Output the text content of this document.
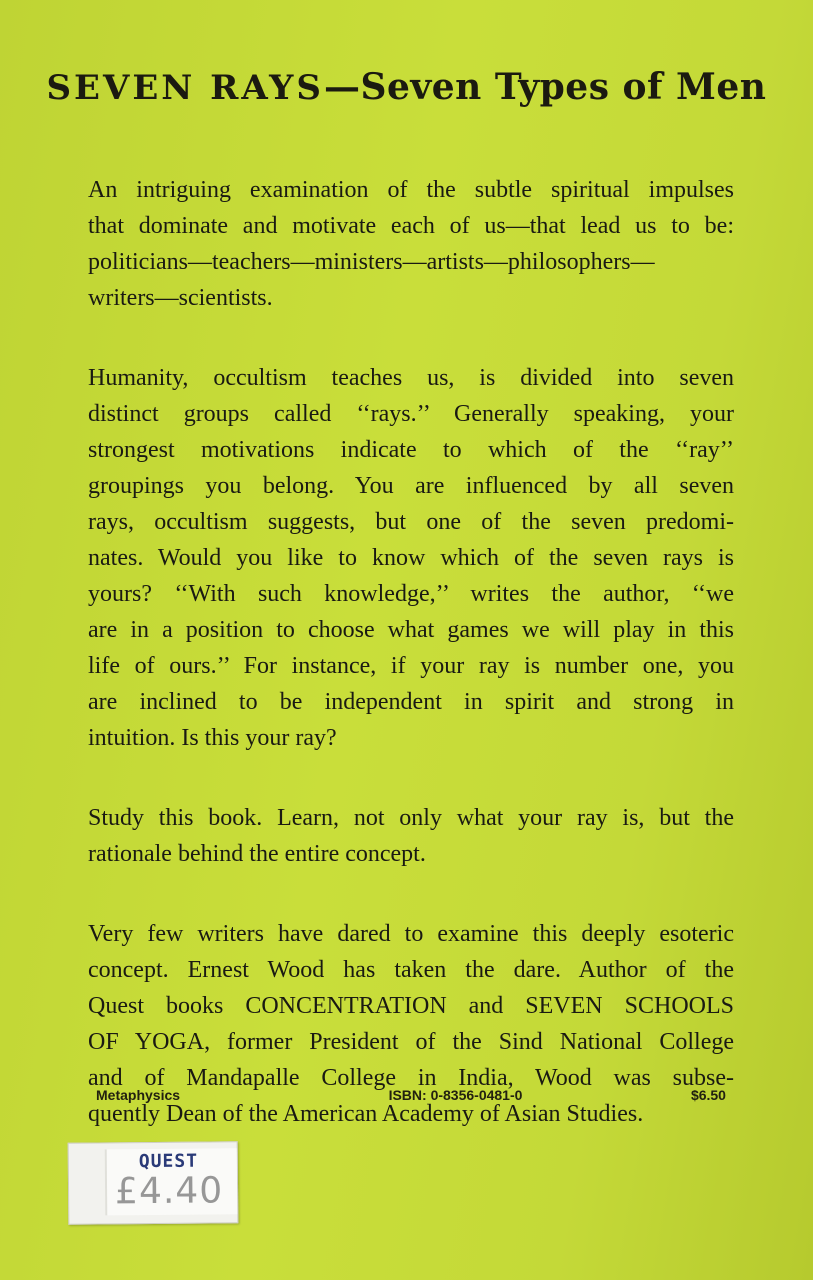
SEVEN RAYS—Seven Types of Men

An intriguing examination of the subtle spiritual impulses
that dominate and motivate each of us—that lead us to be:
politicians—teachers—ministers—artists—philosophers—
writers—scientists.

Humanity, occultism teaches us, is divided into seven
distinct groups called ‘‘rays.’’ Generally speaking, your
strongest motivations indicate to which of the ‘‘ray’’
groupings you belong. You are influenced by all seven
rays, occultism suggests, but one of the seven predomi-
nates. Would you like to know which of the seven rays is
yours? ‘‘With such knowledge,’’ writes the author, ‘‘we
are in a position to choose what games we will play in this
life of ours.’’ For instance, if your ray is number one, you
are inclined to be independent in spirit and strong in
intuition. Is this your ray?

Study this book. Learn, not only what your ray is, but the
rationale behind the entire concept.

Very few writers have dared to examine this deeply esoteric
concept. Ernest Wood has taken the dare. Author of the
Quest books CONCENTRATION and SEVEN SCHOOLS
OF YOGA, former President of the Sind National College
and of Mandapalle College in India, Wood was subse-
quently Dean of the American Academy of Asian Studies.

Metaphysics	ISBN: 0-8356-0481-0	$6.50
QUEST
£4.40
